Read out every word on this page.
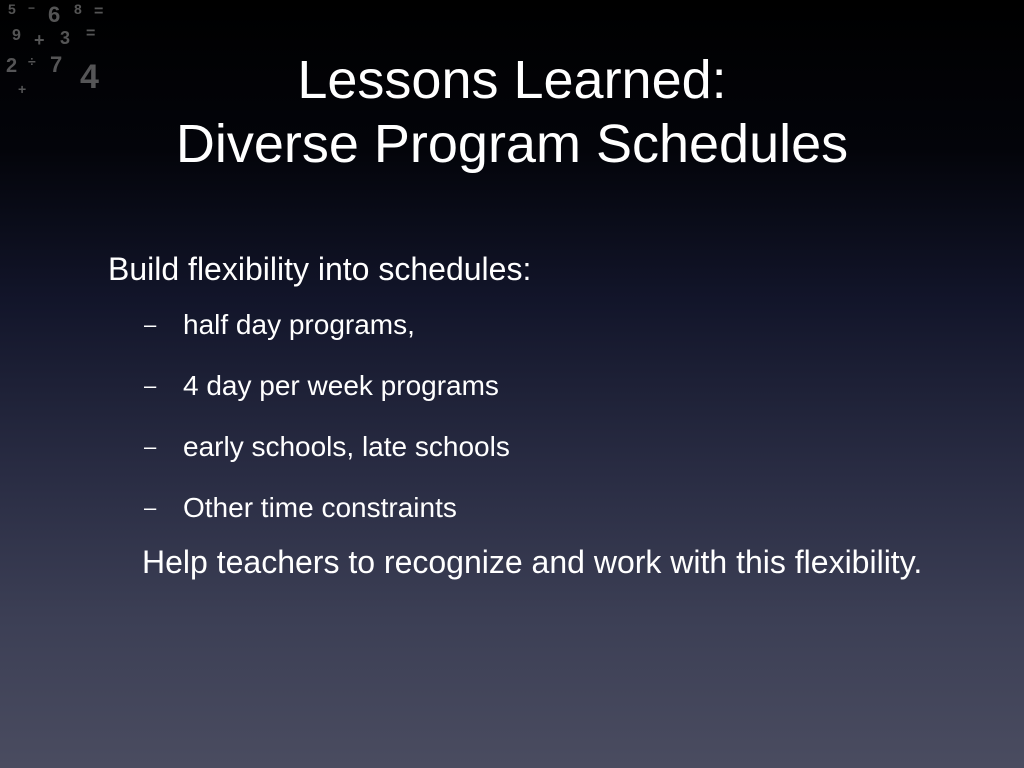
5 − 6 8 =
9 + 3 =
2 ÷ 7 4
+	Lessons Learned:
Diverse Program Schedules

Build flexibility into schedules:

– half day programs,
– 4 day per week programs
– early schools, late schools
– Other time constraints

Help teachers to recognize and work with this flexibility.
